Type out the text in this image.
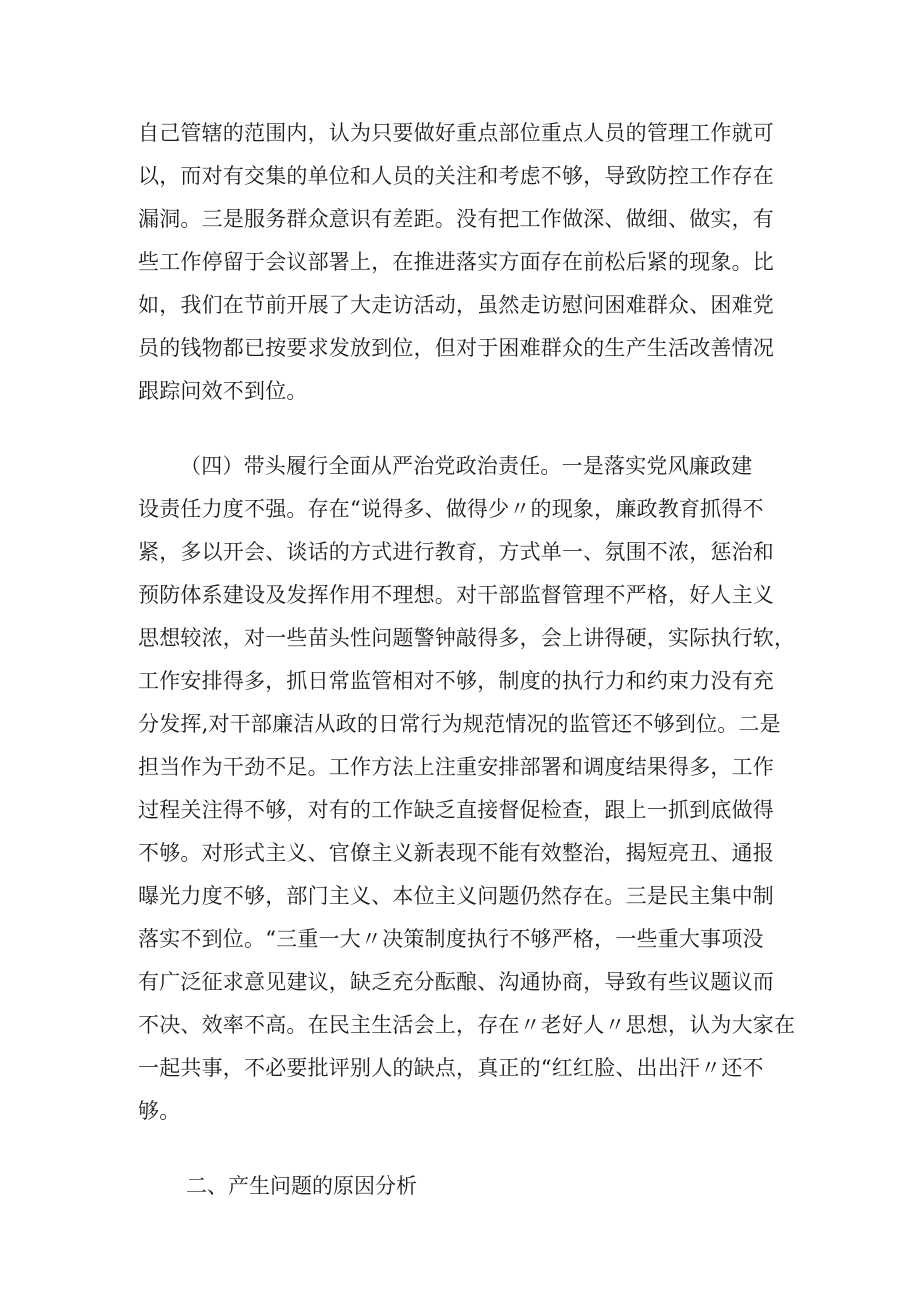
自己管辖的范围内，认为只要做好重点部位重点人员的管理工作就可
以，而对有交集的单位和人员的关注和考虑不够，导致防控工作存在
漏洞。三是服务群众意识有差距。没有把工作做深、做细、做实，有
些工作停留于会议部署上，在推进落实方面存在前松后紧的现象。比
如，我们在节前开展了大走访活动，虽然走访慰问困难群众、困难党
员的钱物都已按要求发放到位，但对于困难群众的生产生活改善情况
跟踪问效不到位。
（四）带头履行全面从严治党政治责任。一是落实党风廉政建
设责任力度不强。存在“说得多、做得少〃的现象，廉政教育抓得不
紧，多以开会、谈话的方式进行教育，方式单一、氛围不浓，惩治和
预防体系建设及发挥作用不理想。对干部监督管理不严格，好人主义
思想较浓，对一些苗头性问题警钟敲得多，会上讲得硬，实际执行软，
工作安排得多，抓日常监管相对不够，制度的执行力和约束力没有充
分发挥,对干部廉洁从政的日常行为规范情况的监管还不够到位。二是
担当作为干劲不足。工作方法上注重安排部署和调度结果得多，工作
过程关注得不够，对有的工作缺乏直接督促检查，跟上一抓到底做得
不够。对形式主义、官僚主义新表现不能有效整治，揭短亮丑、通报
曝光力度不够，部门主义、本位主义问题仍然存在。三是民主集中制
落实不到位。“三重一大〃决策制度执行不够严格，一些重大事项没
有广泛征求意见建议，缺乏充分酝酿、沟通协商，导致有些议题议而
不决、效率不高。在民主生活会上，存在〃老好人〃思想，认为大家在
一起共事，不必要批评别人的缺点，真正的“红红脸、出出汗〃还不
够。
二、产生问题的原因分析
